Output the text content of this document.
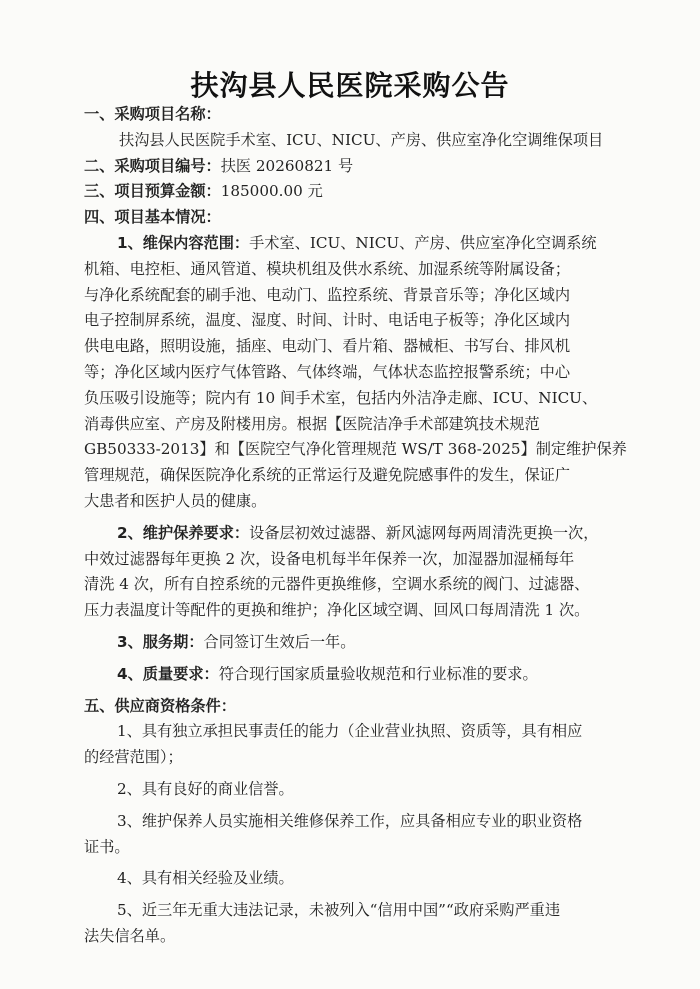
扶沟县人民医院采购公告
一、采购项目名称：
扶沟县人民医院手术室、ICU、NICU、产房、供应室净化空调维保项目
二、采购项目编号：扶医 20260821 号
三、项目预算金额：185000.00 元
四、项目基本情况：
1、维保内容范围：手术室、ICU、NICU、产房、供应室净化空调系统
机箱、电控柜、通风管道、模块机组及供水系统、加湿系统等附属设备；
与净化系统配套的刷手池、电动门、监控系统、背景音乐等；净化区域内
电子控制屏系统，温度、湿度、时间、计时、电话电子板等；净化区域内
供电电路，照明设施，插座、电动门、看片箱、器械柜、书写台、排风机
等；净化区域内医疗气体管路、气体终端，气体状态监控报警系统；中心
负压吸引设施等；院内有 10 间手术室，包括内外洁净走廊、ICU、NICU、
消毒供应室、产房及附楼用房。根据【医院洁净手术部建筑技术规范
GB50333-2013】和【医院空气净化管理规范 WS/T 368-2025】制定维护保养
管理规范，确保医院净化系统的正常运行及避免院感事件的发生，保证广
大患者和医护人员的健康。
2、维护保养要求：设备层初效过滤器、新风滤网每两周清洗更换一次，
中效过滤器每年更换 2 次，设备电机每半年保养一次，加湿器加湿桶每年
清洗 4 次，所有自控系统的元器件更换维修，空调水系统的阀门、过滤器、
压力表温度计等配件的更换和维护；净化区域空调、回风口每周清洗 1 次。
3、服务期：合同签订生效后一年。
4、质量要求：符合现行国家质量验收规范和行业标准的要求。
五、供应商资格条件：
1、具有独立承担民事责任的能力（企业营业执照、资质等，具有相应
的经营范围）；
2、具有良好的商业信誉。
3、维护保养人员实施相关维修保养工作，应具备相应专业的职业资格
证书。
4、具有相关经验及业绩。
5、近三年无重大违法记录，未被列入“信用中国”“政府采购严重违
法失信名单。
